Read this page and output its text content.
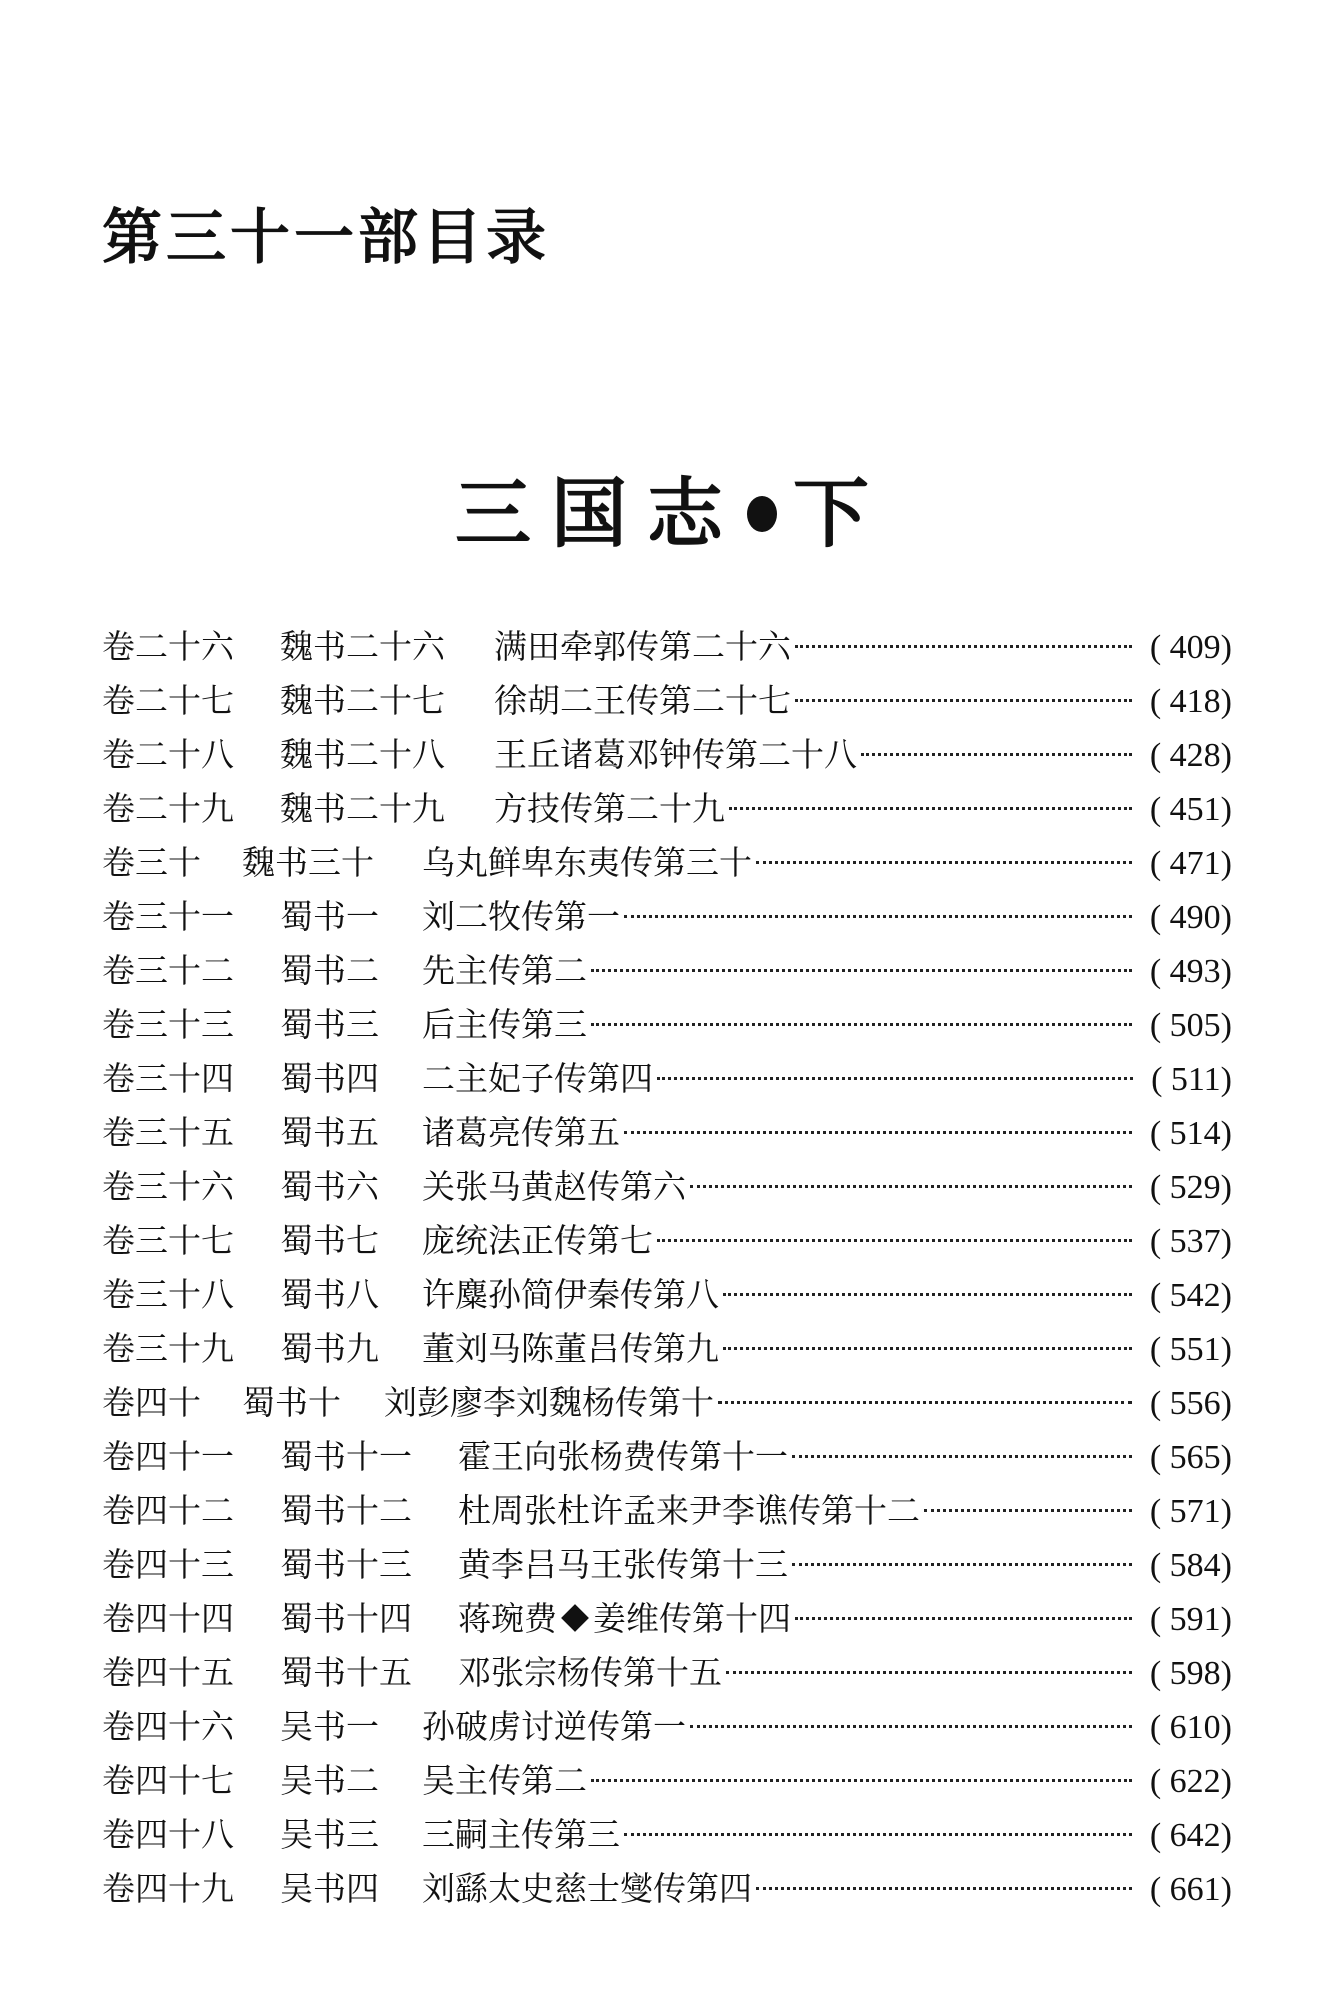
第三十一部目录
三国志 下
卷二十六 魏书二十六 满田牵郭传第二十六	( 409)
卷二十七 魏书二十七 徐胡二王传第二十七	( 418)
卷二十八 魏书二十八 王丘诸葛邓钟传第二十八	( 428)
卷二十九 魏书二十九 方技传第二十九	( 451)
卷三十 魏书三十 乌丸鲜卑东夷传第三十	( 471)
卷三十一 蜀书一 刘二牧传第一	( 490)
卷三十二 蜀书二 先主传第二	( 493)
卷三十三 蜀书三 后主传第三	( 505)
卷三十四 蜀书四 二主妃子传第四	( 511)
卷三十五 蜀书五 诸葛亮传第五	( 514)
卷三十六 蜀书六 关张马黄赵传第六	( 529)
卷三十七 蜀书七 庞统法正传第七	( 537)
卷三十八 蜀书八 许麋孙简伊秦传第八	( 542)
卷三十九 蜀书九 董刘马陈董吕传第九	( 551)
卷四十 蜀书十 刘彭廖李刘魏杨传第十	( 556)
卷四十一 蜀书十一 霍王向张杨费传第十一	( 565)
卷四十二 蜀书十二 杜周张杜许孟来尹李谯传第十二	( 571)
卷四十三 蜀书十三 黄李吕马王张传第十三	( 584)
卷四十四 蜀书十四 蒋琬费 姜维传第十四	( 591)
卷四十五 蜀书十五 邓张宗杨传第十五	( 598)
卷四十六 吴书一 孙破虏讨逆传第一	( 610)
卷四十七 吴书二 吴主传第二	( 622)
卷四十八 吴书三 三嗣主传第三	( 642)
卷四十九 吴书四 刘繇太史慈士燮传第四	( 661)
